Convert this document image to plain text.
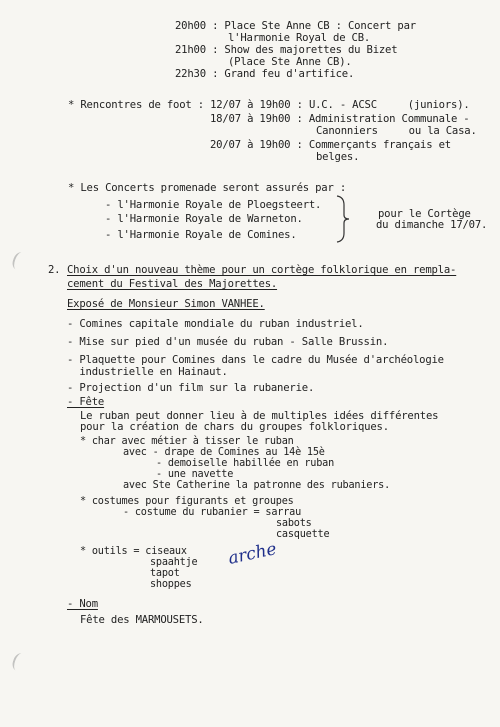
20h00 : Place Ste Anne CB : Concert par
l'Harmonie Royal de CB.
21h00 : Show des majorettes du Bizet
(Place Ste Anne CB).
22h30 : Grand feu d'artifice.
* Rencontres de foot : 12/07 à 19h00 : U.C. - ACSC     (juniors).
18/07 à 19h00 : Administration Communale -
Canonniers     ou la Casa.
20/07 à 19h00 : Commerçants français et
belges.
* Les Concerts promenade seront assurés par :
- l'Harmonie Royale de Ploegsteert.
- l'Harmonie Royale de Warneton.
- l'Harmonie Royale de Comines.
pour le Cortège
du dimanche 17/07.
2. Choix d'un nouveau thème pour un cortège folklorique en rempla-
cement du Festival des Majorettes.
Exposé de Monsieur Simon VANHEE.
- Comines capitale mondiale du ruban industriel.
- Mise sur pied d'un musée du ruban - Salle Brussin.
- Plaquette pour Comines dans le cadre du Musée d'archéologie
industrielle en Hainaut.
- Projection d'un film sur la rubanerie.
- Fête
Le ruban peut donner lieu à de multiples idées différentes
pour la création de chars du groupes folkloriques.
* char avec métier à tisser le ruban
avec - drape de Comines au 14è 15è
- demoiselle habillée en ruban
- une navette
avec Ste Catherine la patronne des rubaniers.
* costumes pour figurants et groupes
- costume du rubanier = sarrau
sabots
casquette
* outils = ciseaux
spaahtje
tapot
shoppes
arche
- Nom
Fête des MARMOUSETS.
